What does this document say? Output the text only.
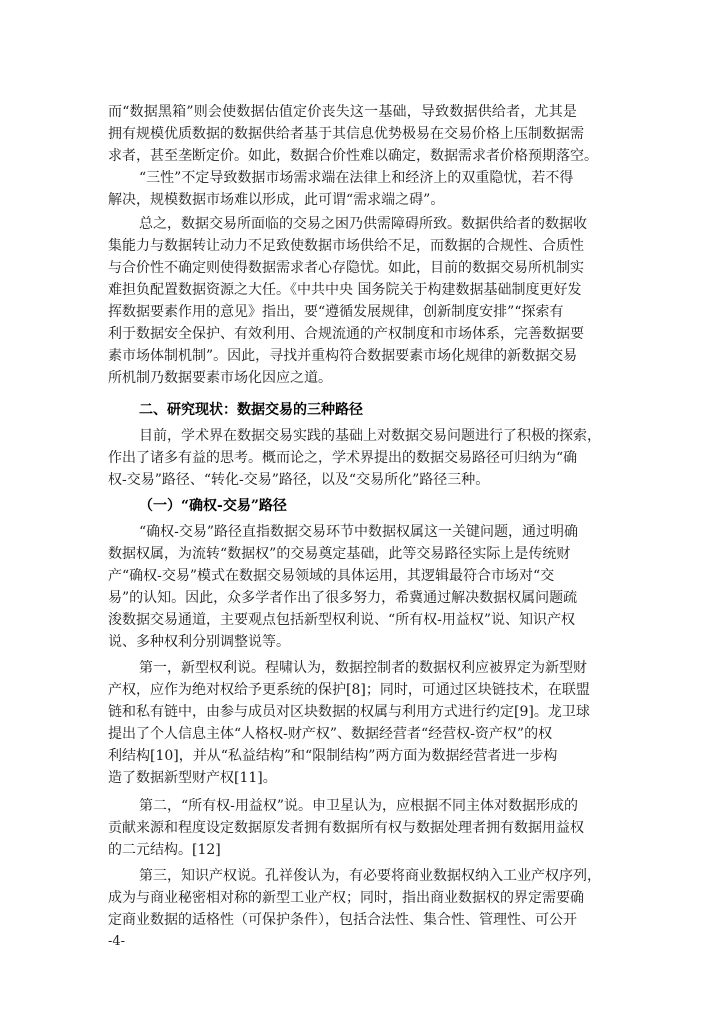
而“数据黑箱”则会使数据估值定价丧失这一基础，导致数据供给者，尤其是
拥有规模优质数据的数据供给者基于其信息优势极易在交易价格上压制数据需
求者，甚至垄断定价。如此，数据合价性难以确定，数据需求者价格预期落空。
“三性”不定导致数据市场需求端在法律上和经济上的双重隐忧，若不得
解决，规模数据市场难以形成，此可谓“需求端之碍”。
总之，数据交易所面临的交易之困乃供需障碍所致。数据供给者的数据收
集能力与数据转让动力不足致使数据市场供给不足，而数据的合规性、合质性
与合价性不确定则使得数据需求者心存隐忧。如此，目前的数据交易所机制实
难担负配置数据资源之大任。《中共中央 国务院关于构建数据基础制度更好发
挥数据要素作用的意见》指出，要“遵循发展规律，创新制度安排”“探索有
利于数据安全保护、有效利用、合规流通的产权制度和市场体系，完善数据要
素市场体制机制”。因此，寻找并重构符合数据要素市场化规律的新数据交易
所机制乃数据要素市场化因应之道。
二、研究现状：数据交易的三种路径
目前，学术界在数据交易实践的基础上对数据交易问题进行了积极的探索，
作出了诸多有益的思考。概而论之，学术界提出的数据交易路径可归纳为“确
权-交易”路径、“转化-交易”路径，以及“交易所化”路径三种。
（一）“确权-交易”路径
“确权-交易”路径直指数据交易环节中数据权属这一关键问题，通过明确
数据权属，为流转“数据权”的交易奠定基础，此等交易路径实际上是传统财
产“确权-交易”模式在数据交易领域的具体运用，其逻辑最符合市场对“交
易”的认知。因此，众多学者作出了很多努力，希冀通过解决数据权属问题疏
浚数据交易通道，主要观点包括新型权利说、“所有权-用益权”说、知识产权
说、多种权利分别调整说等。
第一，新型权利说。程啸认为，数据控制者的数据权利应被界定为新型财
产权，应作为绝对权给予更系统的保护[8]；同时，可通过区块链技术，在联盟
链和私有链中，由参与成员对区块数据的权属与利用方式进行约定[9]。龙卫球
提出了个人信息主体“人格权-财产权”、数据经营者“经营权-资产权”的权
利结构[10]，并从“私益结构”和“限制结构”两方面为数据经营者进一步构
造了数据新型财产权[11]。
第二，“所有权-用益权”说。申卫星认为，应根据不同主体对数据形成的
贡献来源和程度设定数据原发者拥有数据所有权与数据处理者拥有数据用益权
的二元结构。[12]
第三，知识产权说。孔祥俊认为，有必要将商业数据权纳入工业产权序列，
成为与商业秘密相对称的新型工业产权；同时，指出商业数据权的界定需要确
定商业数据的适格性（可保护条件），包括合法性、集合性、管理性、可公开
-4-
